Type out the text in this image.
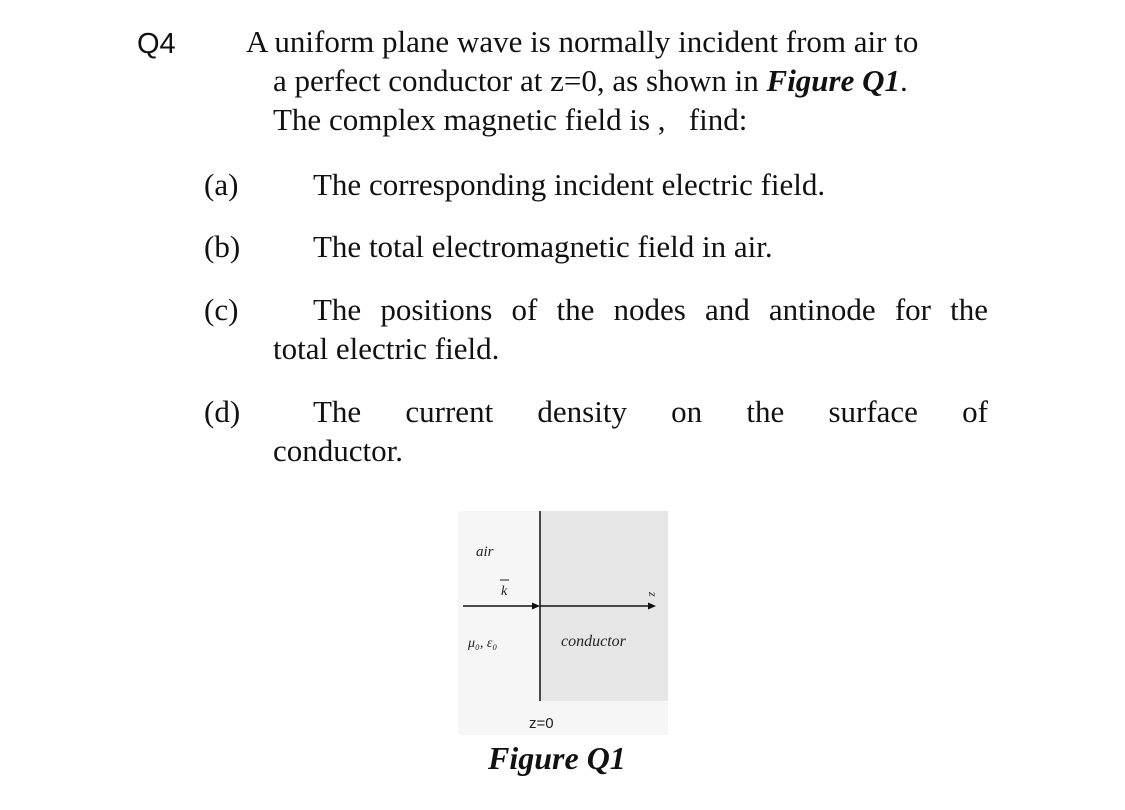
Q4 A uniform plane wave is normally incident from air to
a perfect conductor at z=0, as shown in Figure Q1.
The complex magnetic field is ,   find:
(a) The corresponding incident electric field.
(b) The total electromagnetic field in air.
(c) The positions of the nodes and antinode for the
total electric field.
(d) The current density on the surface of
conductor.
air
k	z
μ₀, ε₀	conductor
z=0
Figure Q1
